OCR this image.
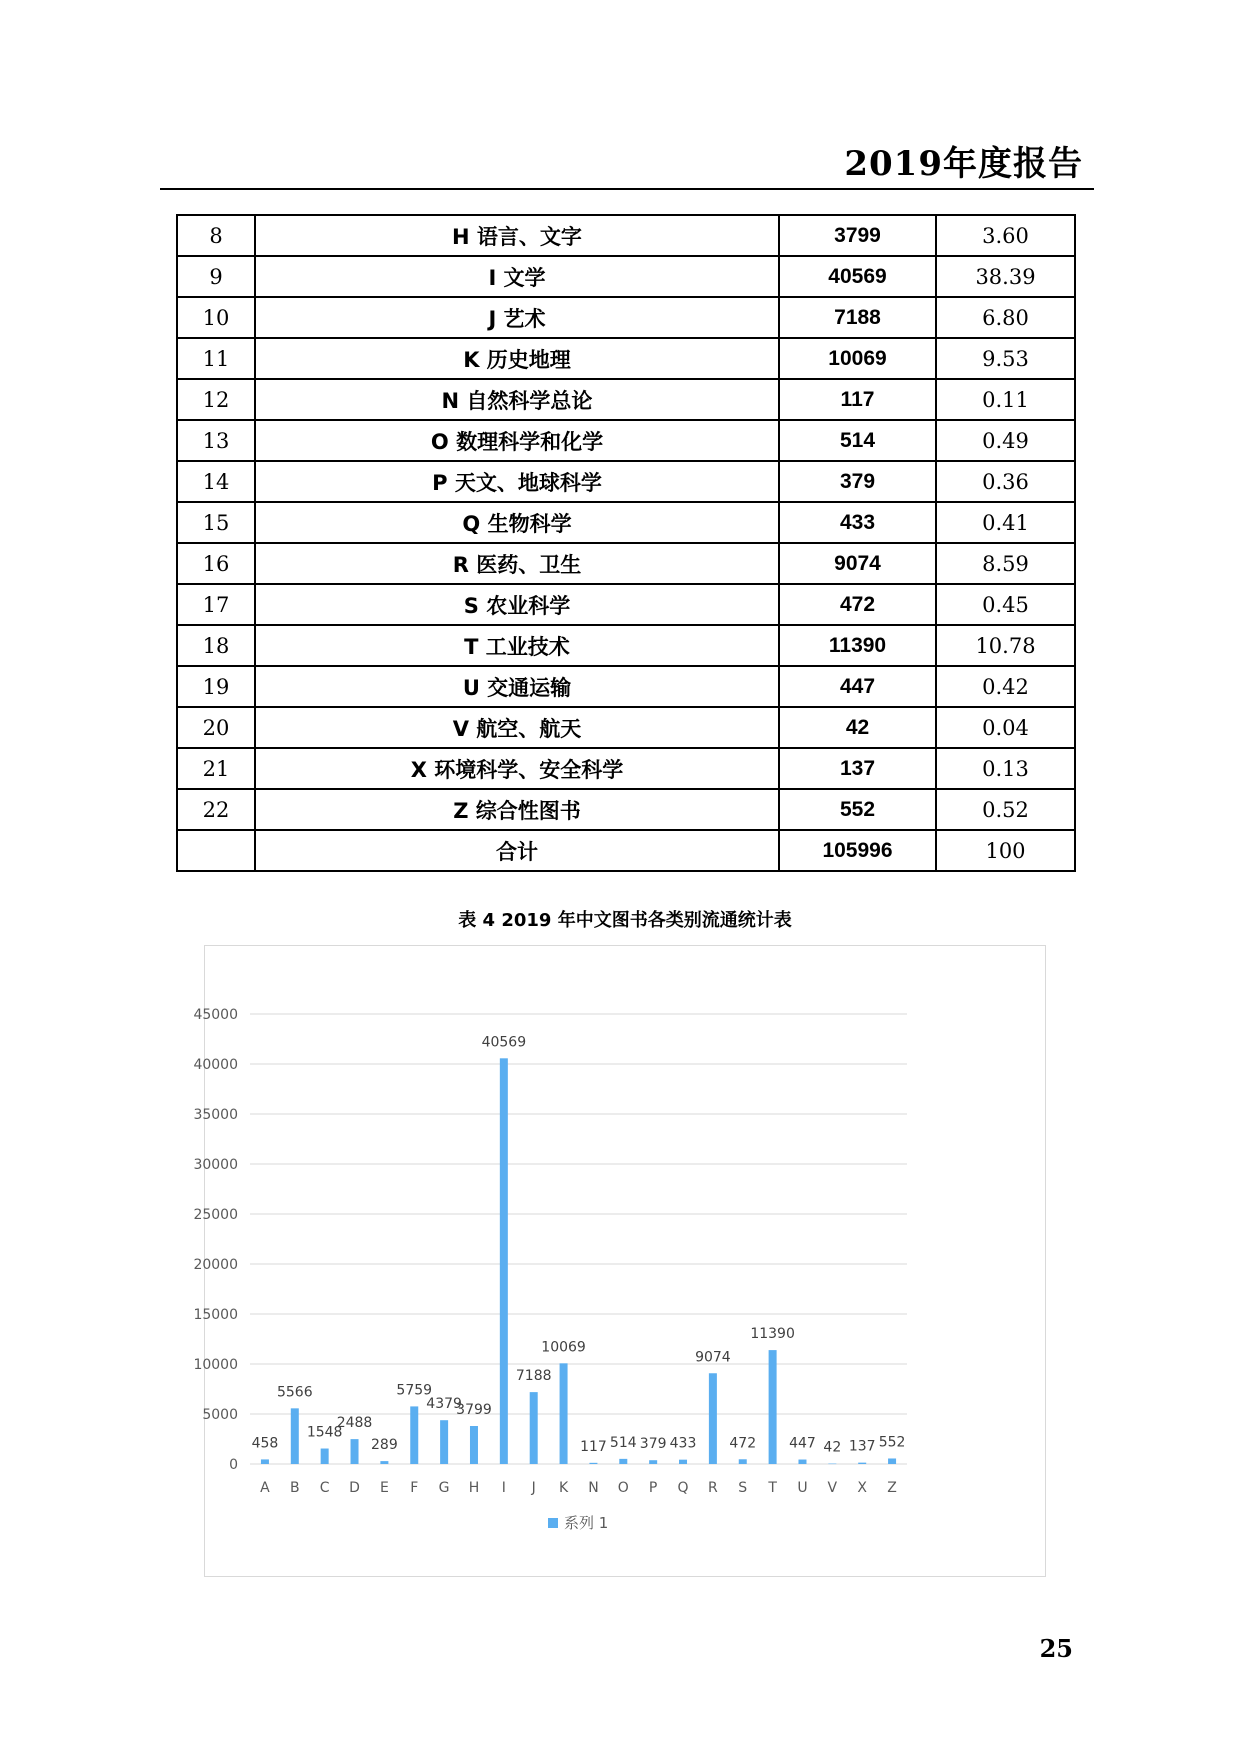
2019年度报告
8	H 语言、文字	3799	3.60
9	I 文学	40569	38.39
10	J 艺术	7188	6.80
11	K 历史地理	10069	9.53
12	N 自然科学总论	117	0.11
13	O 数理科学和化学	514	0.49
14	P 天文、地球科学	379	0.36
15	Q 生物科学	433	0.41
16	R 医药、卫生	9074	8.59
17	S 农业科学	472	0.45
18	T 工业技术	11390	10.78
19	U 交通运输	447	0.42
20	V 航空、航天	42	0.04
21	X 环境科学、安全科学	137	0.13
22	Z 综合性图书	552	0.52
	合计	105996	100
表 4 2019 年中文图书各类别流通统计表
0
5000
10000
15000
20000
25000
30000
35000
40000
45000
458
A
5566
B
1548
C
2488
D
289
E
5759
F
4379
G
3799
H
40569
I
7188
J
10069
K
117
N
514
O
379
P
433
Q
9074
R
472
S
11390
T
447
U
42
V
137
X
552
Z
系列 1
25
